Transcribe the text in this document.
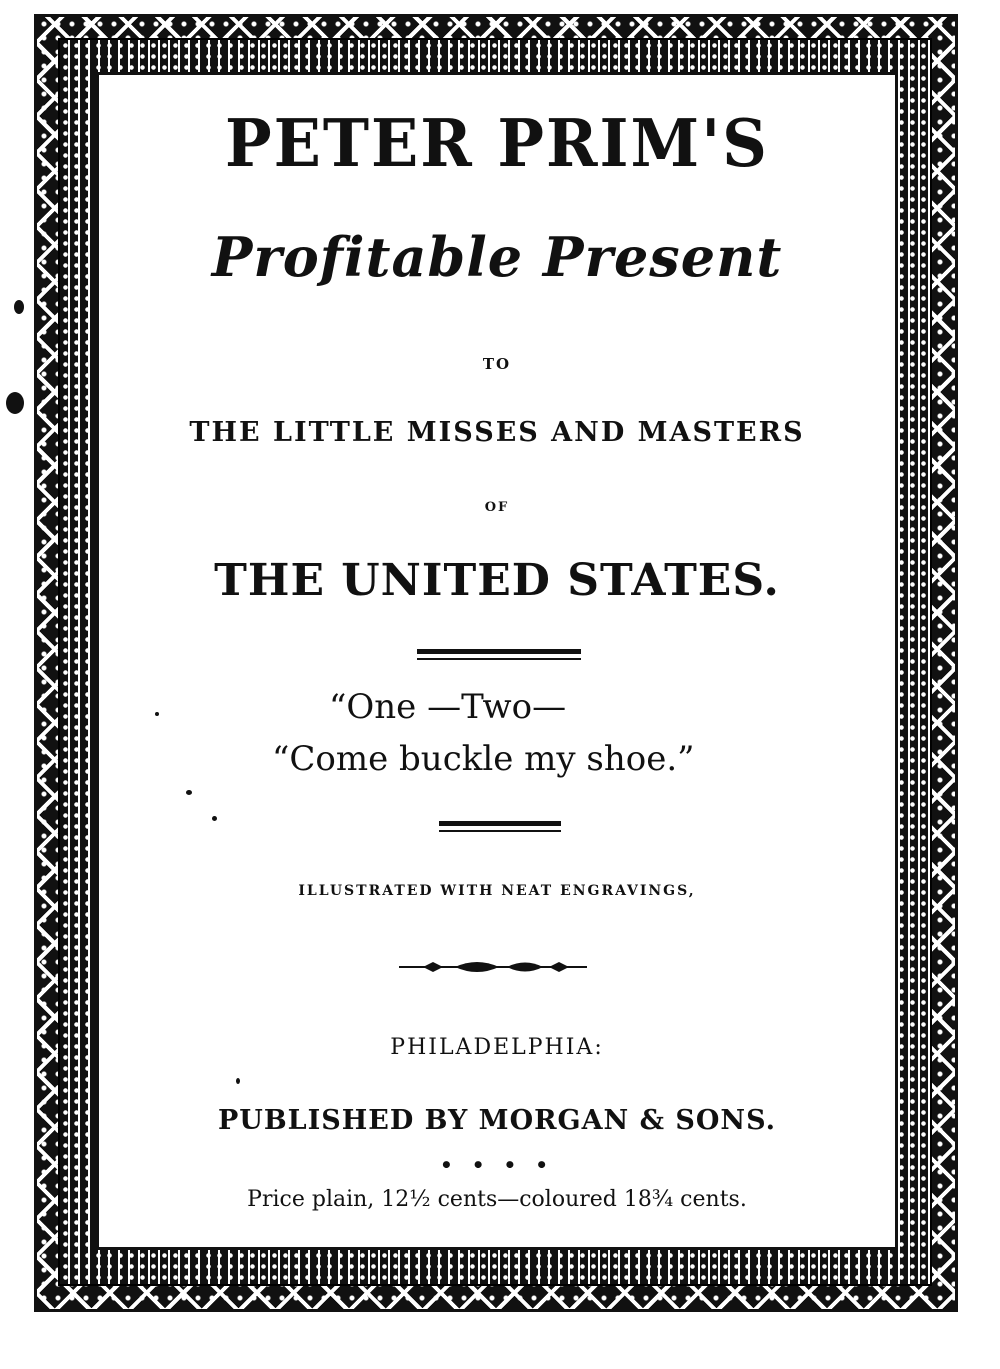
PETER PRIM'S

Profitable Present

TO

THE LITTLE MISSES AND MASTERS

OF

THE UNITED STATES.

“One —Two—

“Come buckle my shoe.”

ILLUSTRATED WITH NEAT ENGRAVINGS,

PHILADELPHIA:

PUBLISHED BY MORGAN & SONS.

• • • •

Price plain, 12½ cents—coloured 18¾ cents.
